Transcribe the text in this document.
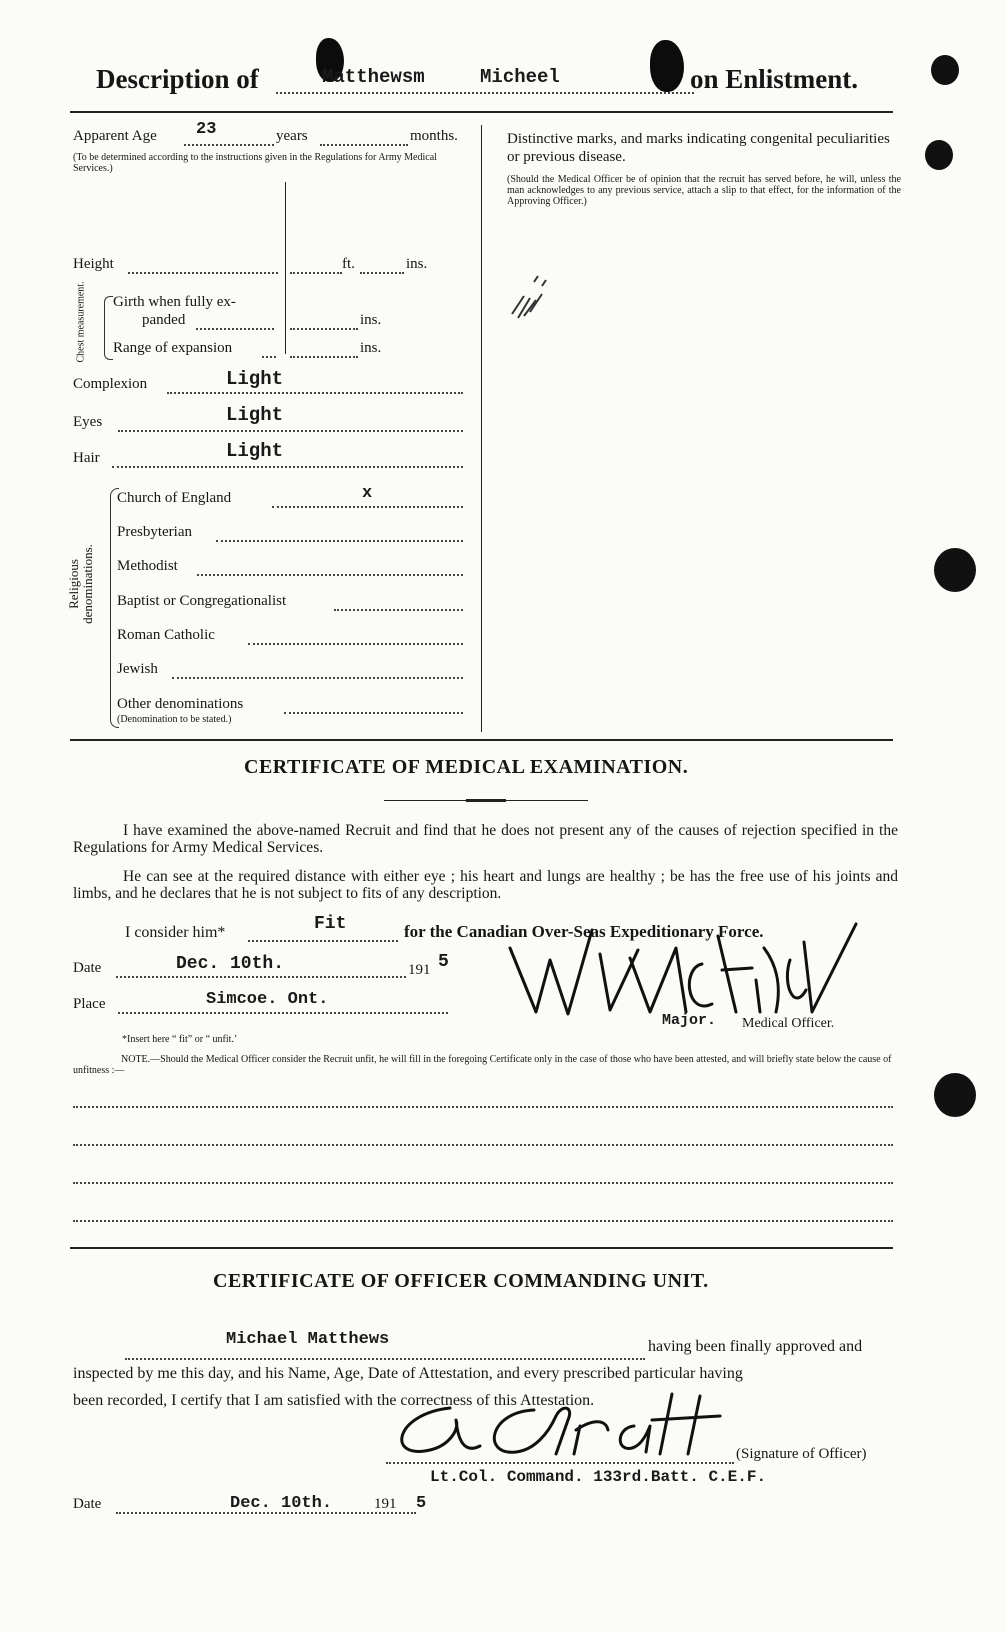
Description of	Matthewsm	Micheel	on Enlistment.
Apparent Age 23	years	months.
(To be determined according to the instructions given in the Regulations for Army Medical Services.)
Height	ft.	ins.
Chest measurement. Girth when fully ex-
panded	ins.
Range of expansion	ins.
Complexion	Light
Eyes	Light
Hair	Light
Religious denominations.
Church of England	x
Presbyterian
Methodist
Baptist or Congregationalist
Roman Catholic
Jewish
Other denominations
(Denomination to be stated.)
Distinctive marks, and marks indicating congenital peculiarities or previous disease.
(Should the Medical Officer be of opinion that the recruit has served before, he will, unless the man acknowledges to any previous service, attach a slip to that effect, for the information of the Approving Officer.)
CERTIFICATE OF MEDICAL EXAMINATION.
I have examined the above-named Recruit and find that he does not present any of the causes of rejection specified in the Regulations for Army Medical Services.
He can see at the required distance with either eye ; his heart and lungs are healthy ; be has the free use of his joints and limbs, and he declares that he is not subject to fits of any description.
I consider him*	Fit	for the Canadian Over-Seas Expeditionary Force.
Date	Dec. 10th.	191 5
Place	Simcoe. Ont.
Major. Medical Officer.
*Insert here “ fit” or “ unfit.’
NOTE.—Should the Medical Officer consider the Recruit unfit, he will fill in the foregoing Certificate only in the case of those who have been attested, and will briefly state below the cause of unfitness :—
CERTIFICATE OF OFFICER COMMANDING UNIT.
Michael Matthews	having been finally approved and
inspected by me this day, and his Name, Age, Date of Attestation, and every prescribed particular having
been recorded, I certify that I am satisfied with the correctness of this Attestation.
(Signature of Officer)
Lt.Col. Command. 133rd.Batt. C.E.F.
Date	Dec. 10th.	191 5
